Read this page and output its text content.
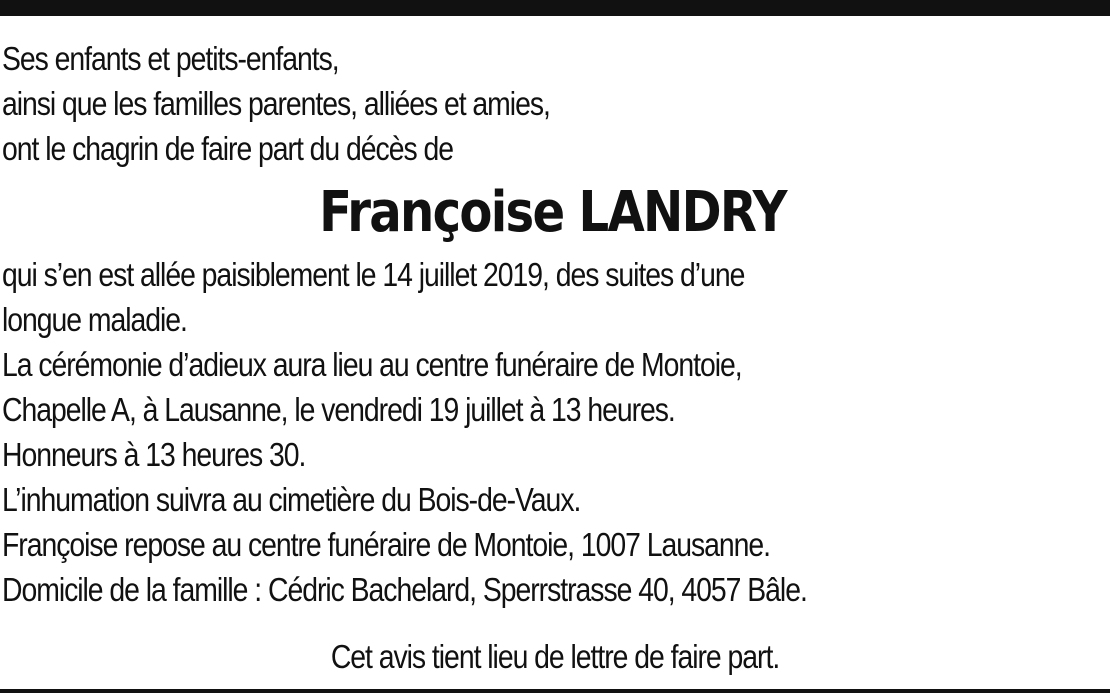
Ses enfants et petits-enfants,
ainsi que les familles parentes, alliées et amies,
ont le chagrin de faire part du décès de
Françoise LANDRY
qui s’en est allée paisiblement le 14 juillet 2019, des suites d’une
longue maladie.
La cérémonie d’adieux aura lieu au centre funéraire de Montoie,
Chapelle A, à Lausanne, le vendredi 19 juillet à 13 heures.
Honneurs à 13 heures 30.
L’inhumation suivra au cimetière du Bois-de-Vaux.
Françoise repose au centre funéraire de Montoie, 1007 Lausanne.
Domicile de la famille : Cédric Bachelard, Sperrstrasse 40, 4057 Bâle.
Cet avis tient lieu de lettre de faire part.
